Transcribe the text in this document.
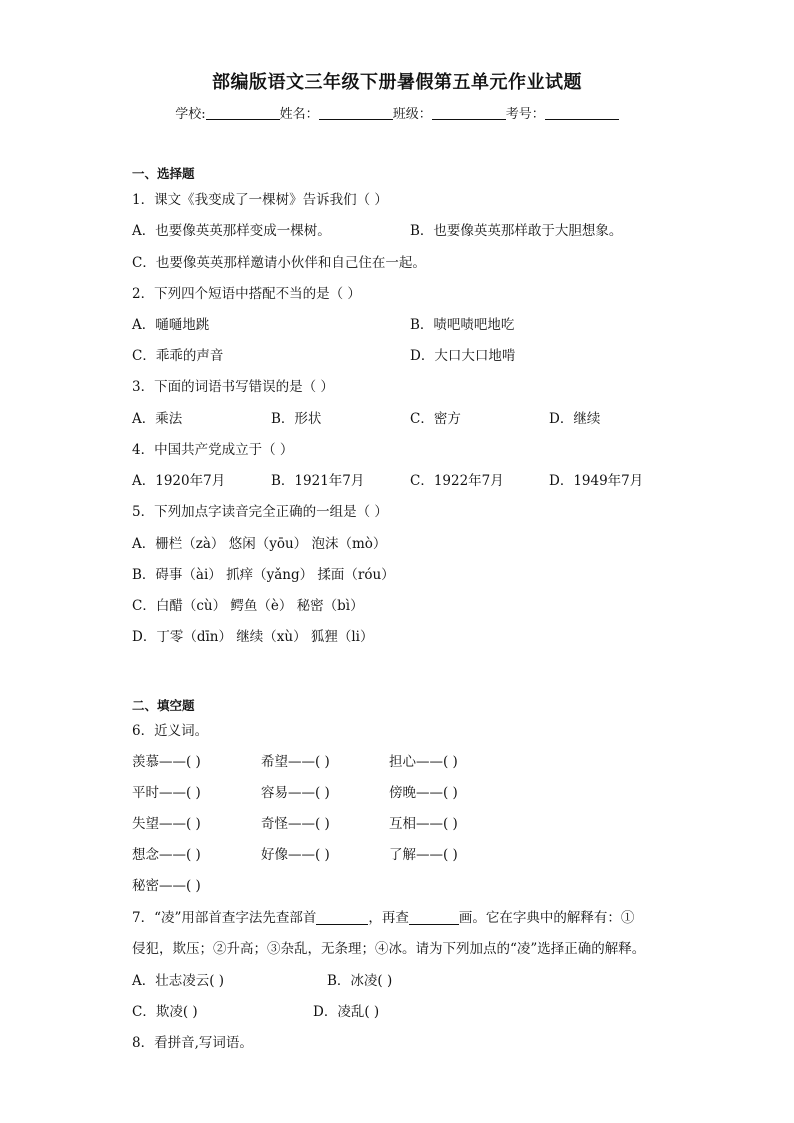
部编版语文三年级下册暑假第五单元作业试题
学校:	姓名：	班级：	考号：
一、选择题
1．课文《我变成了一棵树》告诉我们（ ）
A．也要像英英那样变成一棵树。	B．也要像英英那样敢于大胆想象。
C．也要像英英那样邀请小伙伴和自己住在一起。
2．下列四个短语中搭配不当的是（ ）
A．嗵嗵地跳	B．啧吧啧吧地吃
C．乖乖的声音	D．大口大口地啃
3．下面的词语书写错误的是（ ）
A．乘法	B．形状	C．密方	D．继续
4．中国共产党成立于（ ）
A．1920年7月	B．1921年7月	C．1922年7月	D．1949年7月
5．下列加点字读音完全正确的一组是（ ）
A．栅栏（zà） 悠闲（yōu） 泡沫（mò）
B．碍事（ài） 抓痒（yǎng） 揉面（róu）
C．白醋（cù） 鳄鱼（è） 秘密（bì）
D．丁零（dīn） 继续（xù） 狐狸（li）
二、填空题
6．近义词。
羡慕——( )	希望——( )	担心——( )
平时——( )	容易——( )	傍晚——( )
失望——( )	奇怪——( )	互相——( )
想念——( )	好像——( )	了解——( )
秘密——( )
7．“凌”用部首查字法先查部首	，再查	画。它在字典中的解释有：①
侵犯，欺压；②升高；③杂乱，无条理；④冰。请为下列加点的“凌”选择正确的解释。
A．壮志凌云( )	B．冰凌( )
C．欺凌( )	D．凌乱( )
8．看拼音,写词语。
